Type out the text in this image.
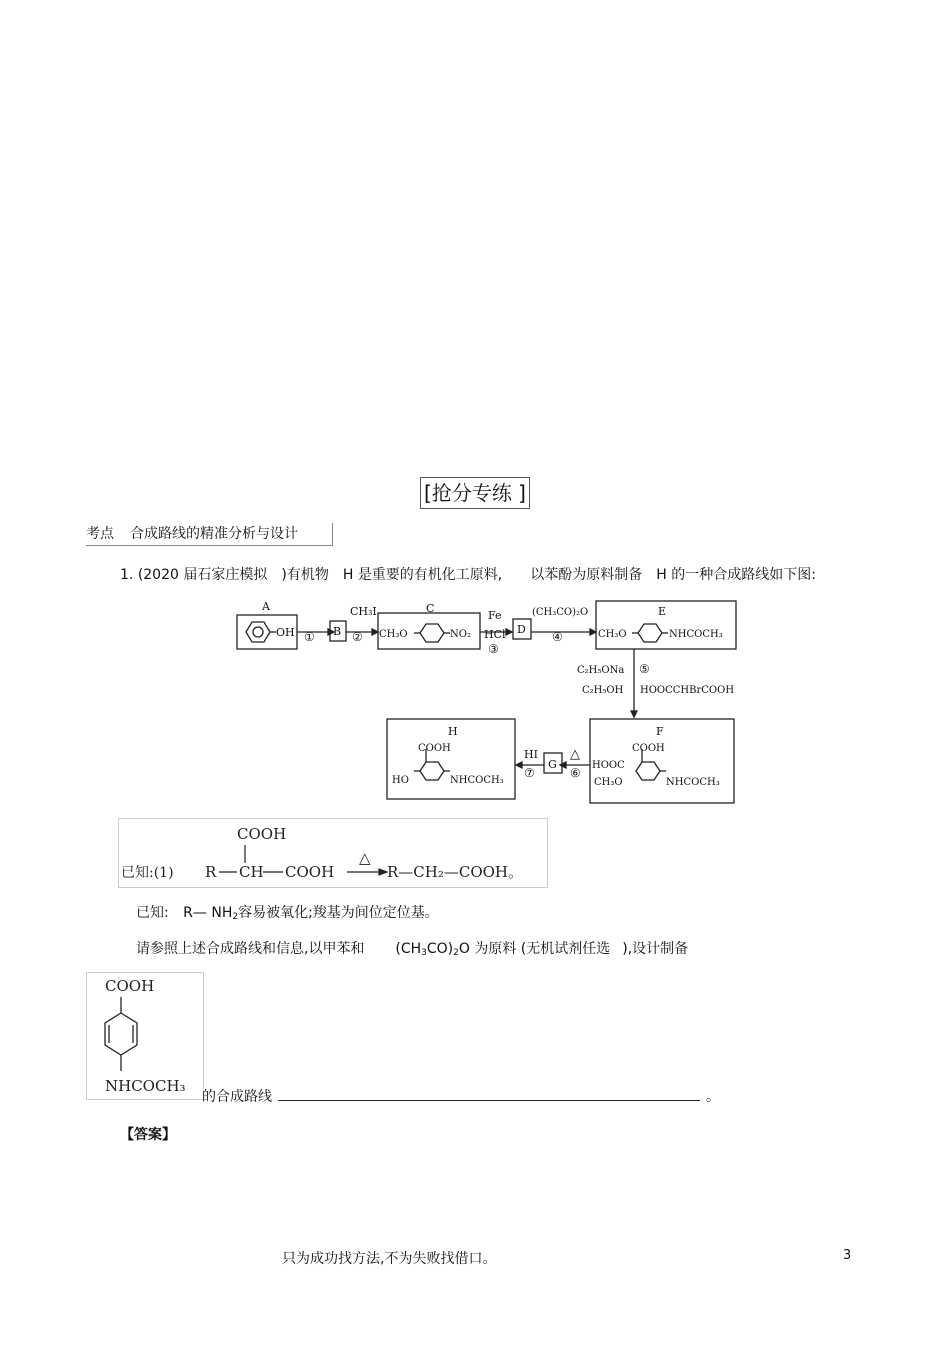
[抢分专练 ]
考点 合成路线的精准分析与设计
1. (2020 届石家庄模拟 )有机物 H 是重要的有机化工原料, 以苯酚为原料制备 H 的一种合成路线如下图:
A
OH ① B
CH₃I
②
C
CH₃O	NO₂
Fe
HCl
③
D
(CH₃CO)₂O
④
E
CH₃O	NHCOCH₃
C₂H₅ONa ⑤
C₂H₅OH HOOCCHBrCOOH
F
COOH
HOOC
CH₃O	NHCOCH₃
△
⑥
G
HI
⑦
H
COOH
HO	NHCOCH₃
COOH
已知:(1) R CH COOH
△
R—CH₂—COOH。
已知: R— $NH_2$容易被氧化;羧基为间位定位基。
请参照上述合成路线和信息,以甲苯和 $(CH_3CO)_2O$ 为原料 (无机试剂任选 ),设计制备
COOH
NHCOCH₃
的合成路线	。
【答案】
只为成功找方法,不为失败找借口。	3
